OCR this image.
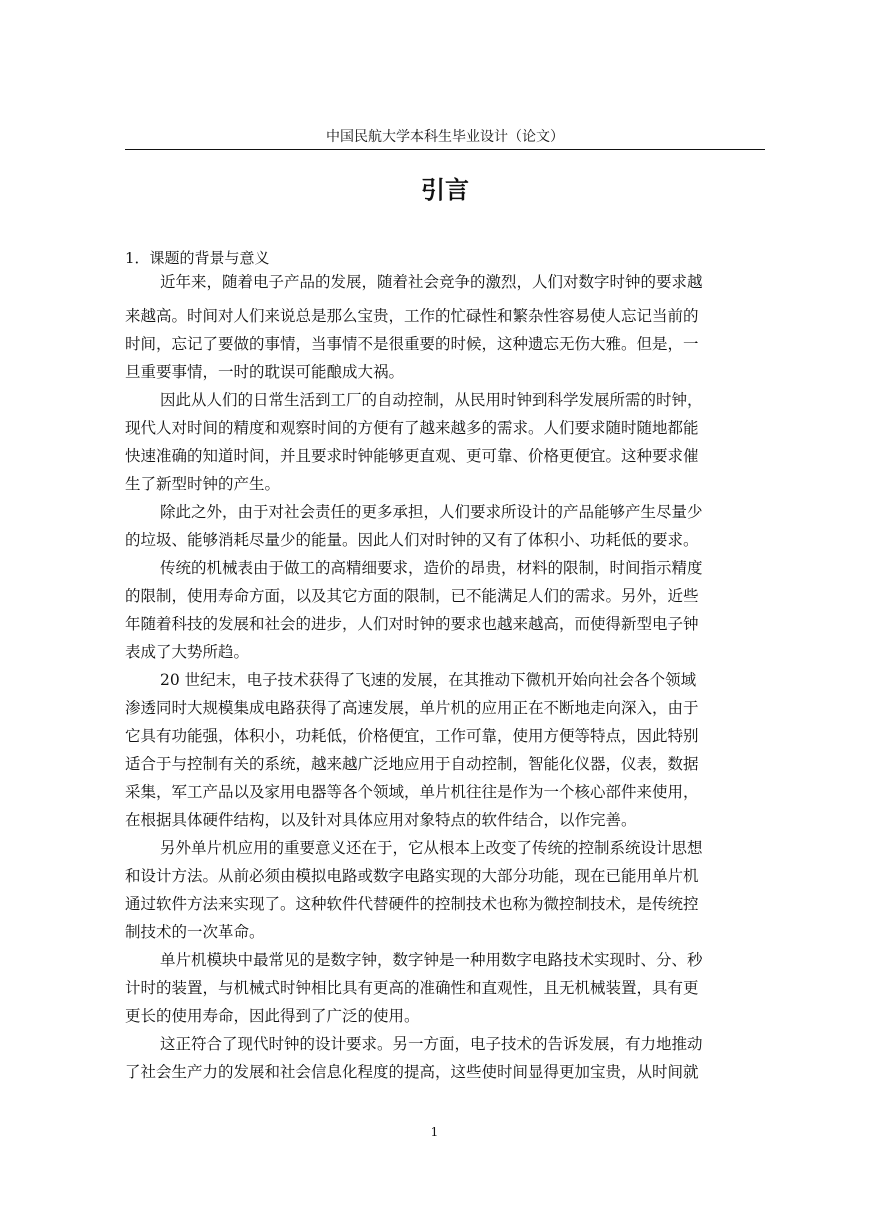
中国民航大学本科生毕业设计（论文）
引言
1．课题的背景与意义
近年来，随着电子产品的发展，随着社会竞争的激烈，人们对数字时钟的要求越
来越高。时间对人们来说总是那么宝贵，工作的忙碌性和繁杂性容易使人忘记当前的
时间，忘记了要做的事情，当事情不是很重要的时候，这种遗忘无伤大雅。但是，一
旦重要事情，一时的耽误可能酿成大祸。
因此从人们的日常生活到工厂的自动控制，从民用时钟到科学发展所需的时钟，
现代人对时间的精度和观察时间的方便有了越来越多的需求。人们要求随时随地都能
快速准确的知道时间，并且要求时钟能够更直观、更可靠、价格更便宜。这种要求催
生了新型时钟的产生。
除此之外，由于对社会责任的更多承担，人们要求所设计的产品能够产生尽量少
的垃圾、能够消耗尽量少的能量。因此人们对时钟的又有了体积小、功耗低的要求。
传统的机械表由于做工的高精细要求，造价的昂贵，材料的限制，时间指示精度
的限制，使用寿命方面，以及其它方面的限制，已不能满足人们的需求。另外，近些
年随着科技的发展和社会的进步，人们对时钟的要求也越来越高，而使得新型电子钟
表成了大势所趋。
20 世纪末，电子技术获得了飞速的发展，在其推动下微机开始向社会各个领域
渗透同时大规模集成电路获得了高速发展，单片机的应用正在不断地走向深入，由于
它具有功能强，体积小，功耗低，价格便宜，工作可靠，使用方便等特点，因此特别
适合于与控制有关的系统，越来越广泛地应用于自动控制，智能化仪器，仪表，数据
采集，军工产品以及家用电器等各个领域，单片机往往是作为一个核心部件来使用，
在根据具体硬件结构，以及针对具体应用对象特点的软件结合，以作完善。
另外单片机应用的重要意义还在于，它从根本上改变了传统的控制系统设计思想
和设计方法。从前必须由模拟电路或数字电路实现的大部分功能，现在已能用单片机
通过软件方法来实现了。这种软件代替硬件的控制技术也称为微控制技术，是传统控
制技术的一次革命。
单片机模块中最常见的是数字钟，数字钟是一种用数字电路技术实现时、分、秒
计时的装置，与机械式时钟相比具有更高的准确性和直观性，且无机械装置，具有更
更长的使用寿命，因此得到了广泛的使用。
这正符合了现代时钟的设计要求。另一方面，电子技术的告诉发展，有力地推动
了社会生产力的发展和社会信息化程度的提高，这些使时间显得更加宝贵，从时间就
1
